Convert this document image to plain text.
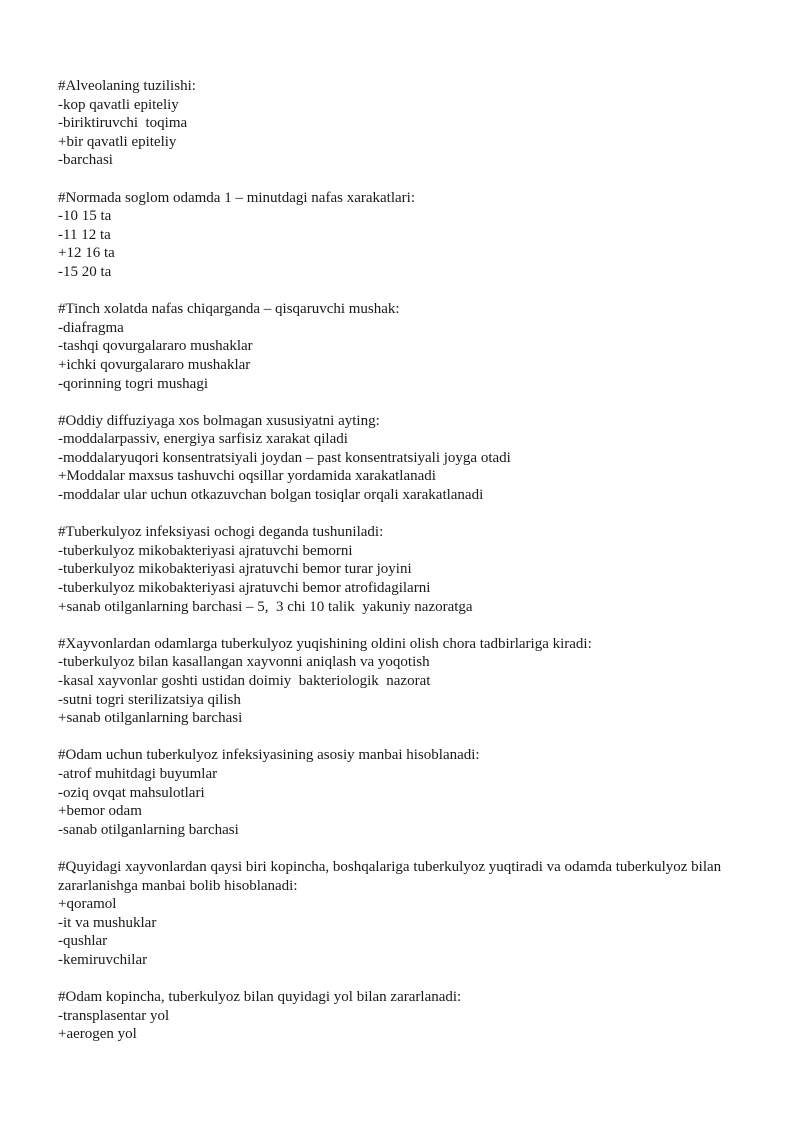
#Alveolaning tuzilishi:

-kop qavatli epiteliy

-biriktiruvchi  toqima

+bir qavatli epiteliy

-barchasi

#Normada soglom odamda 1 – minutdagi nafas xarakatlari:

-10 15 ta

-11 12 ta

+12 16 ta

-15 20 ta

#Tinch xolatda nafas chiqarganda – qisqaruvchi mushak:

-diafragma

-tashqi qovurgalararo mushaklar

+ichki qovurgalararo mushaklar

-qorinning togri mushagi

#Oddiy diffuziyaga xos bolmagan xususiyatni ayting:

-moddalarpassiv, energiya sarfisiz xarakat qiladi

-moddalaryuqori konsentratsiyali joydan – past konsentratsiyali joyga otadi

+Moddalar maxsus tashuvchi oqsillar yordamida xarakatlanadi

-moddalar ular uchun otkazuvchan bolgan tosiqlar orqali xarakatlanadi

#Tuberkulyoz infeksiyasi ochogi deganda tushuniladi:

-tuberkulyoz mikobakteriyasi ajratuvchi bemorni

-tuberkulyoz mikobakteriyasi ajratuvchi bemor turar joyini

-tuberkulyoz mikobakteriyasi ajratuvchi bemor atrofidagilarni

+sanab otilganlarning barchasi – 5,  3 chi 10 talik  yakuniy nazoratga

#Xayvonlardan odamlarga tuberkulyoz yuqishining oldini olish chora tadbirlariga kiradi:

-tuberkulyoz bilan kasallangan xayvonni aniqlash va yoqotish

-kasal xayvonlar goshti ustidan doimiy  bakteriologik  nazorat

-sutni togri sterilizatsiya qilish

+sanab otilganlarning barchasi

#Odam uchun tuberkulyoz infeksiyasining asosiy manbai hisoblanadi:

-atrof muhitdagi buyumlar

-oziq ovqat mahsulotlari

+bemor odam

-sanab otilganlarning barchasi

#Quyidagi xayvonlardan qaysi biri kopincha, boshqalariga tuberkulyoz yuqtiradi va odamda tuberkulyoz bilan zararlanishga manbai bolib hisoblanadi:

+qoramol

-it va mushuklar

-qushlar

-kemiruvchilar

#Odam kopincha, tuberkulyoz bilan quyidagi yol bilan zararlanadi:

-transplasentar yol

+aerogen yol
